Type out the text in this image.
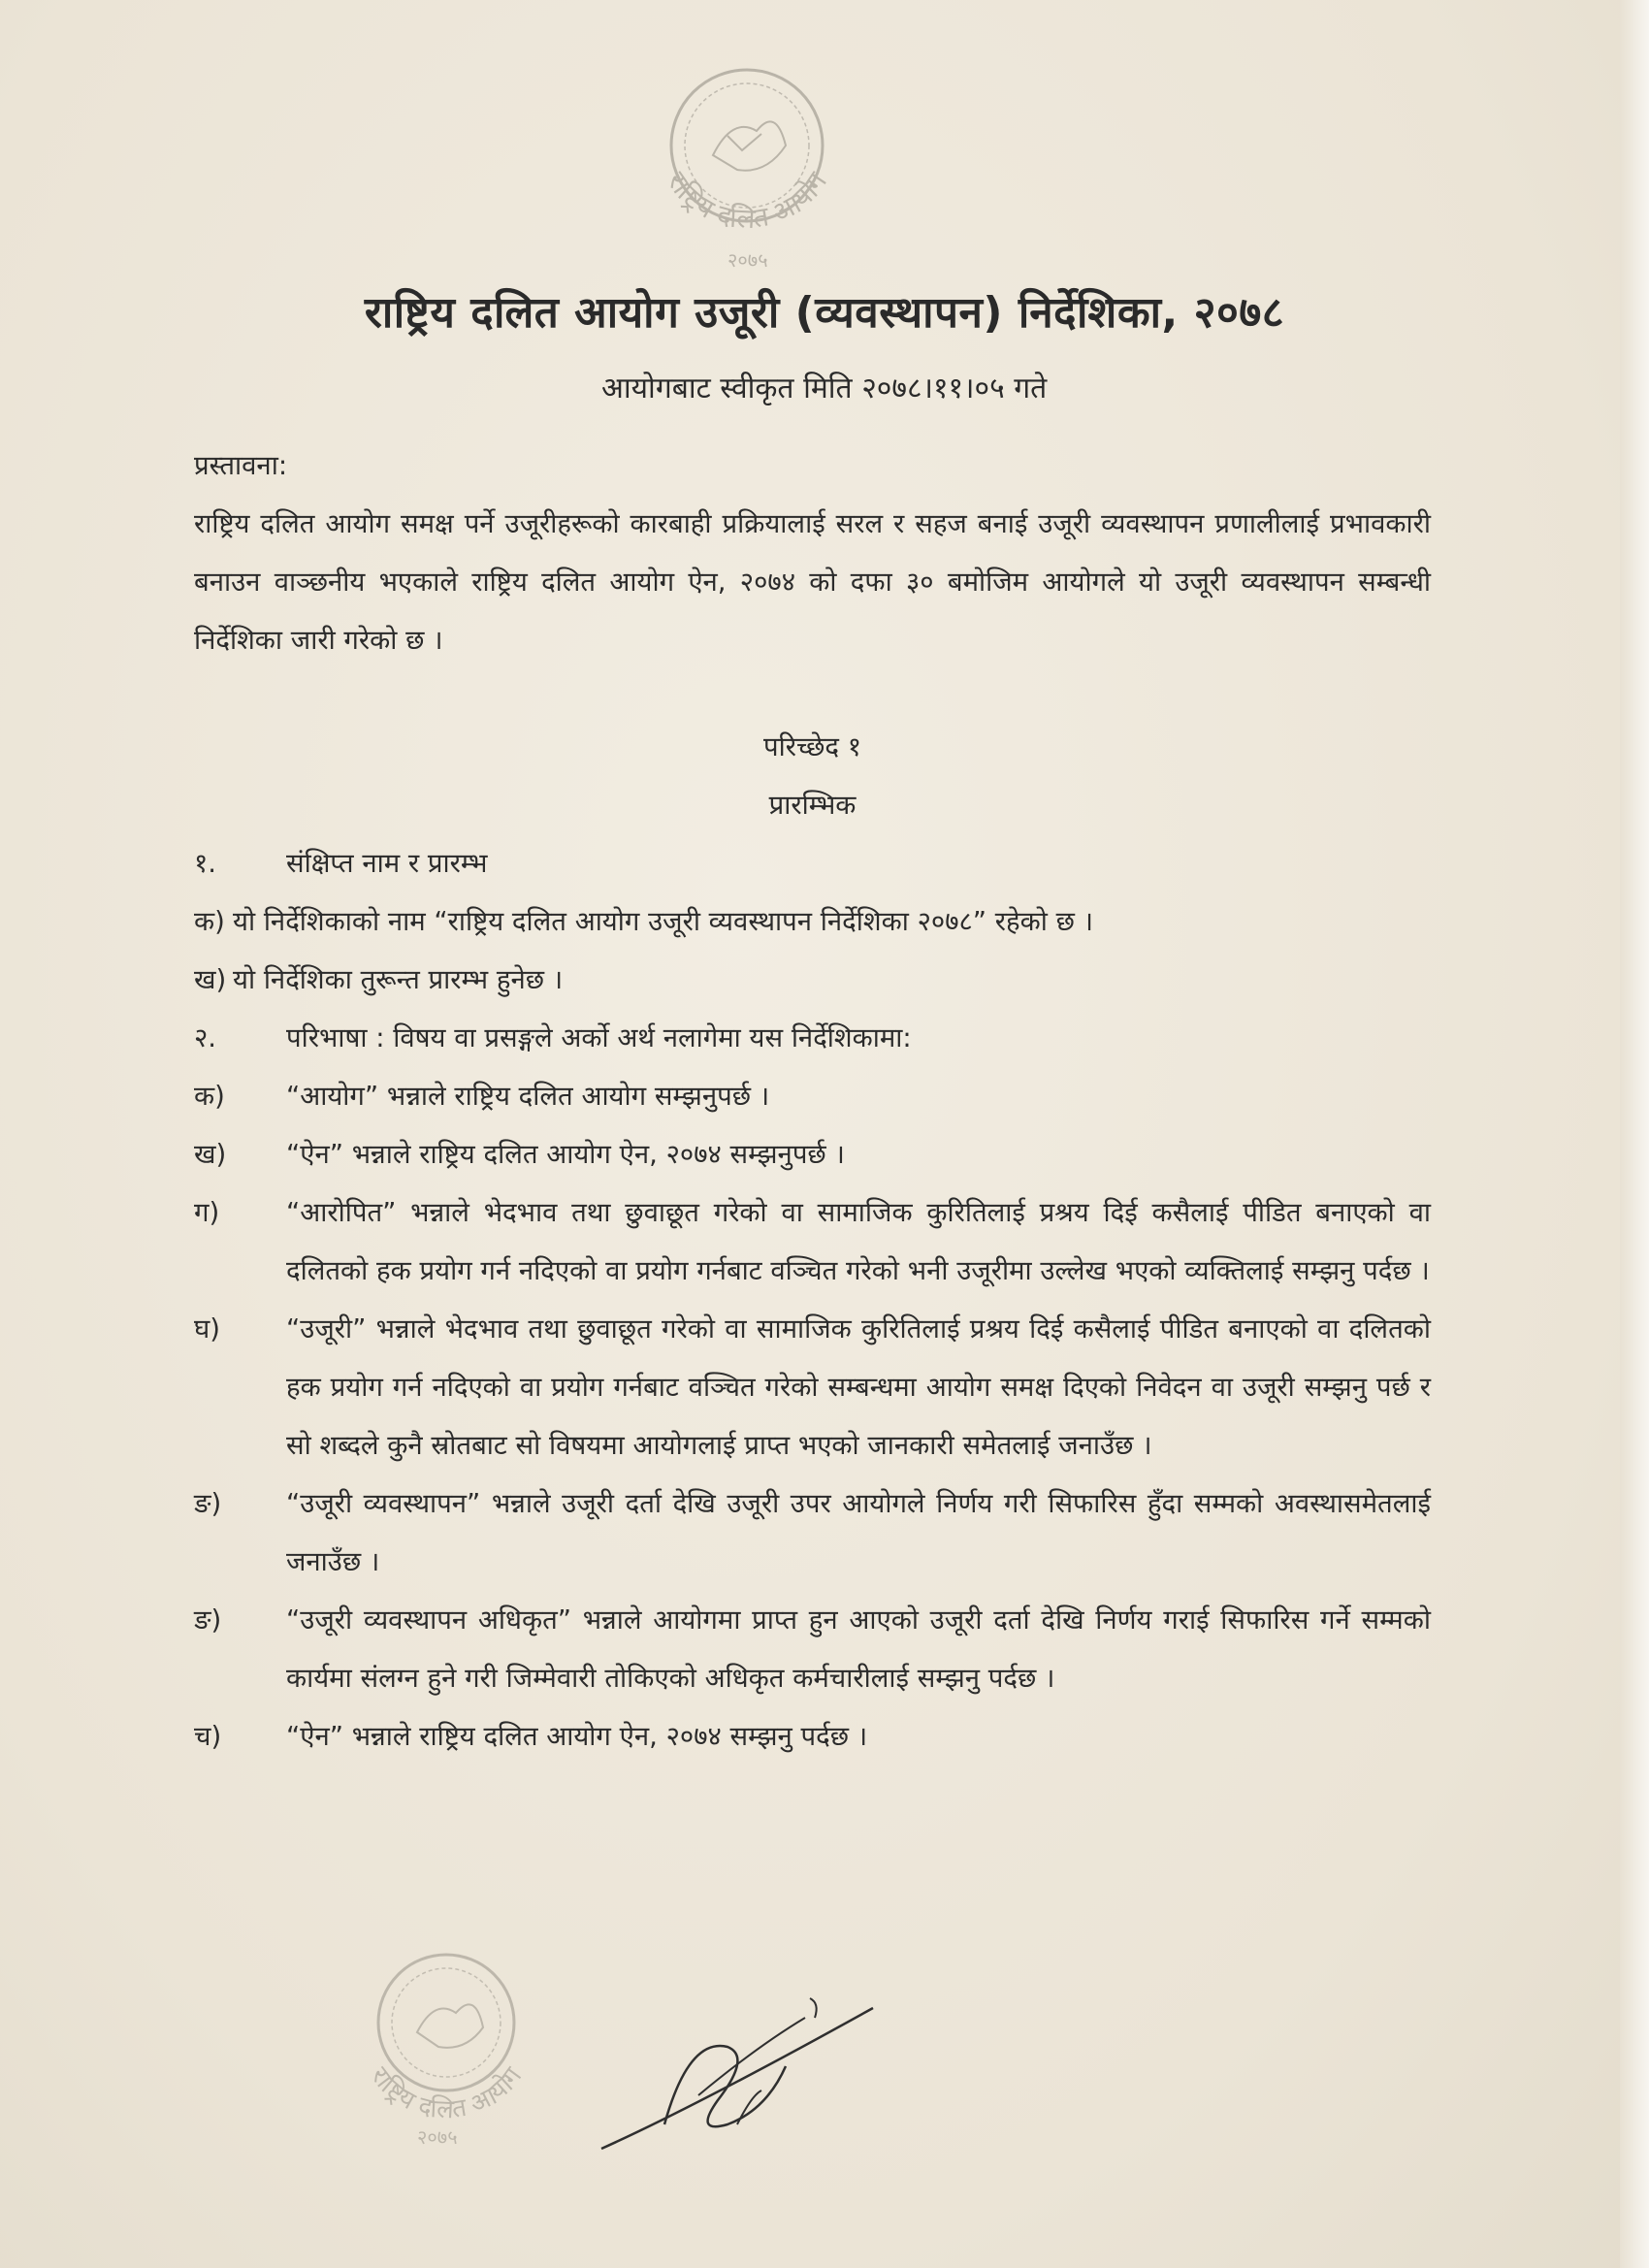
राष्ट्रिय दलित आयोग
२०७५
राष्ट्रिय दलित आयोग उजूरी (व्यवस्थापन) निर्देशिका, २०७८
आयोगबाट स्वीकृत मिति २०७८।११।०५ गते

प्रस्तावना:

राष्ट्रिय दलित आयोग समक्ष पर्ने उजूरीहरूको कारबाही प्रक्रियालाई सरल र सहज बनाई उजूरी व्यवस्थापन प्रणालीलाई प्रभावकारी बनाउन वाञ्छनीय भएकाले राष्ट्रिय दलित आयोग ऐन, २०७४ को दफा ३० बमोजिम आयोगले यो उजूरी व्यवस्थापन सम्बन्धी निर्देशिका जारी गरेको छ ।

परिच्छेद १

प्रारम्भिक

१.	संक्षिप्त नाम र प्रारम्भ
क) यो निर्देशिकाको नाम “राष्ट्रिय दलित आयोग उजूरी व्यवस्थापन निर्देशिका २०७८” रहेको छ ।
ख) यो निर्देशिका तुरून्त प्रारम्भ हुनेछ ।
२.	परिभाषा : विषय वा प्रसङ्गले अर्को अर्थ नलागेमा यस निर्देशिकामा:
क)	“आयोग” भन्नाले राष्ट्रिय दलित आयोग सम्झनुपर्छ ।
ख)	“ऐन” भन्नाले राष्ट्रिय दलित आयोग ऐन, २०७४ सम्झनुपर्छ ।
ग)	“आरोपित” भन्नाले भेदभाव तथा छुवाछूत गरेको वा सामाजिक कुरितिलाई प्रश्रय दिई कसैलाई पीडित बनाएको वा दलितको हक प्रयोग गर्न नदिएको वा प्रयोग गर्नबाट वञ्चित गरेको भनी उजूरीमा उल्लेख भएको व्यक्तिलाई सम्झनु पर्दछ ।
घ)	“उजूरी” भन्नाले भेदभाव तथा छुवाछूत गरेको वा सामाजिक कुरितिलाई प्रश्रय दिई कसैलाई पीडित बनाएको वा दलितको हक प्रयोग गर्न नदिएको वा प्रयोग गर्नबाट वञ्चित गरेको सम्बन्धमा आयोग समक्ष दिएको निवेदन वा उजूरी सम्झनु पर्छ र सो शब्दले कुनै स्रोतबाट सो विषयमा आयोगलाई प्राप्त भएको जानकारी समेतलाई जनाउँछ ।
ङ)	“उजूरी व्यवस्थापन” भन्नाले उजूरी दर्ता देखि उजूरी उपर आयोगले निर्णय गरी सिफारिस हुँदा सम्मको अवस्थासमेतलाई जनाउँछ ।
ङ)	“उजूरी व्यवस्थापन अधिकृत” भन्नाले आयोगमा प्राप्त हुन आएको उजूरी दर्ता देखि निर्णय गराई सिफारिस गर्ने सम्मको कार्यमा संलग्न हुने गरी जिम्मेवारी तोकिएको अधिकृत कर्मचारीलाई सम्झनु पर्दछ ।
च)	“ऐन” भन्नाले राष्ट्रिय दलित आयोग ऐन, २०७४ सम्झनु पर्दछ ।
राष्ट्रिय दलित आयोग
२०७५
